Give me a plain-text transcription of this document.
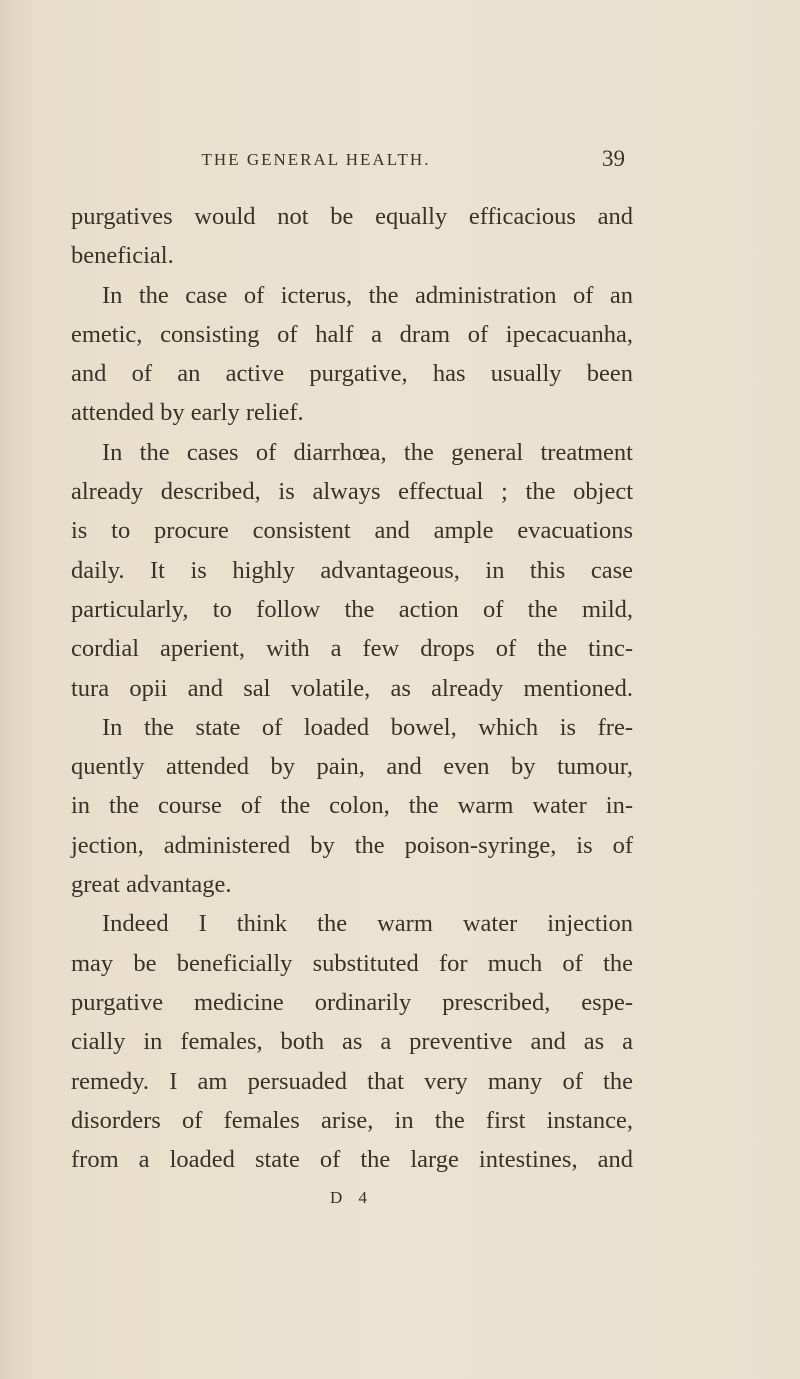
THE GENERAL HEALTH.	39
purgatives would not be equally efficacious and
beneficial.
In the case of icterus, the administration of an
emetic, consisting of half a dram of ipecacuanha,
and of an active purgative, has usually been
attended by early relief.
In the cases of diarrhœa, the general treatment
already described, is always effectual ; the object
is to procure consistent and ample evacuations
daily. It is highly advantageous, in this case
particularly, to follow the action of the mild,
cordial aperient, with a few drops of the tinc-
tura opii and sal volatile, as already mentioned.
In the state of loaded bowel, which is fre-
quently attended by pain, and even by tumour,
in the course of the colon, the warm water in-
jection, administered by the poison-syringe, is of
great advantage.
Indeed I think the warm water injection
may be beneficially substituted for much of the
purgative medicine ordinarily prescribed, espe-
cially in females, both as a preventive and as a
remedy. I am persuaded that very many of the
disorders of females arise, in the first instance,
from a loaded state of the large intestines, and
D 4
